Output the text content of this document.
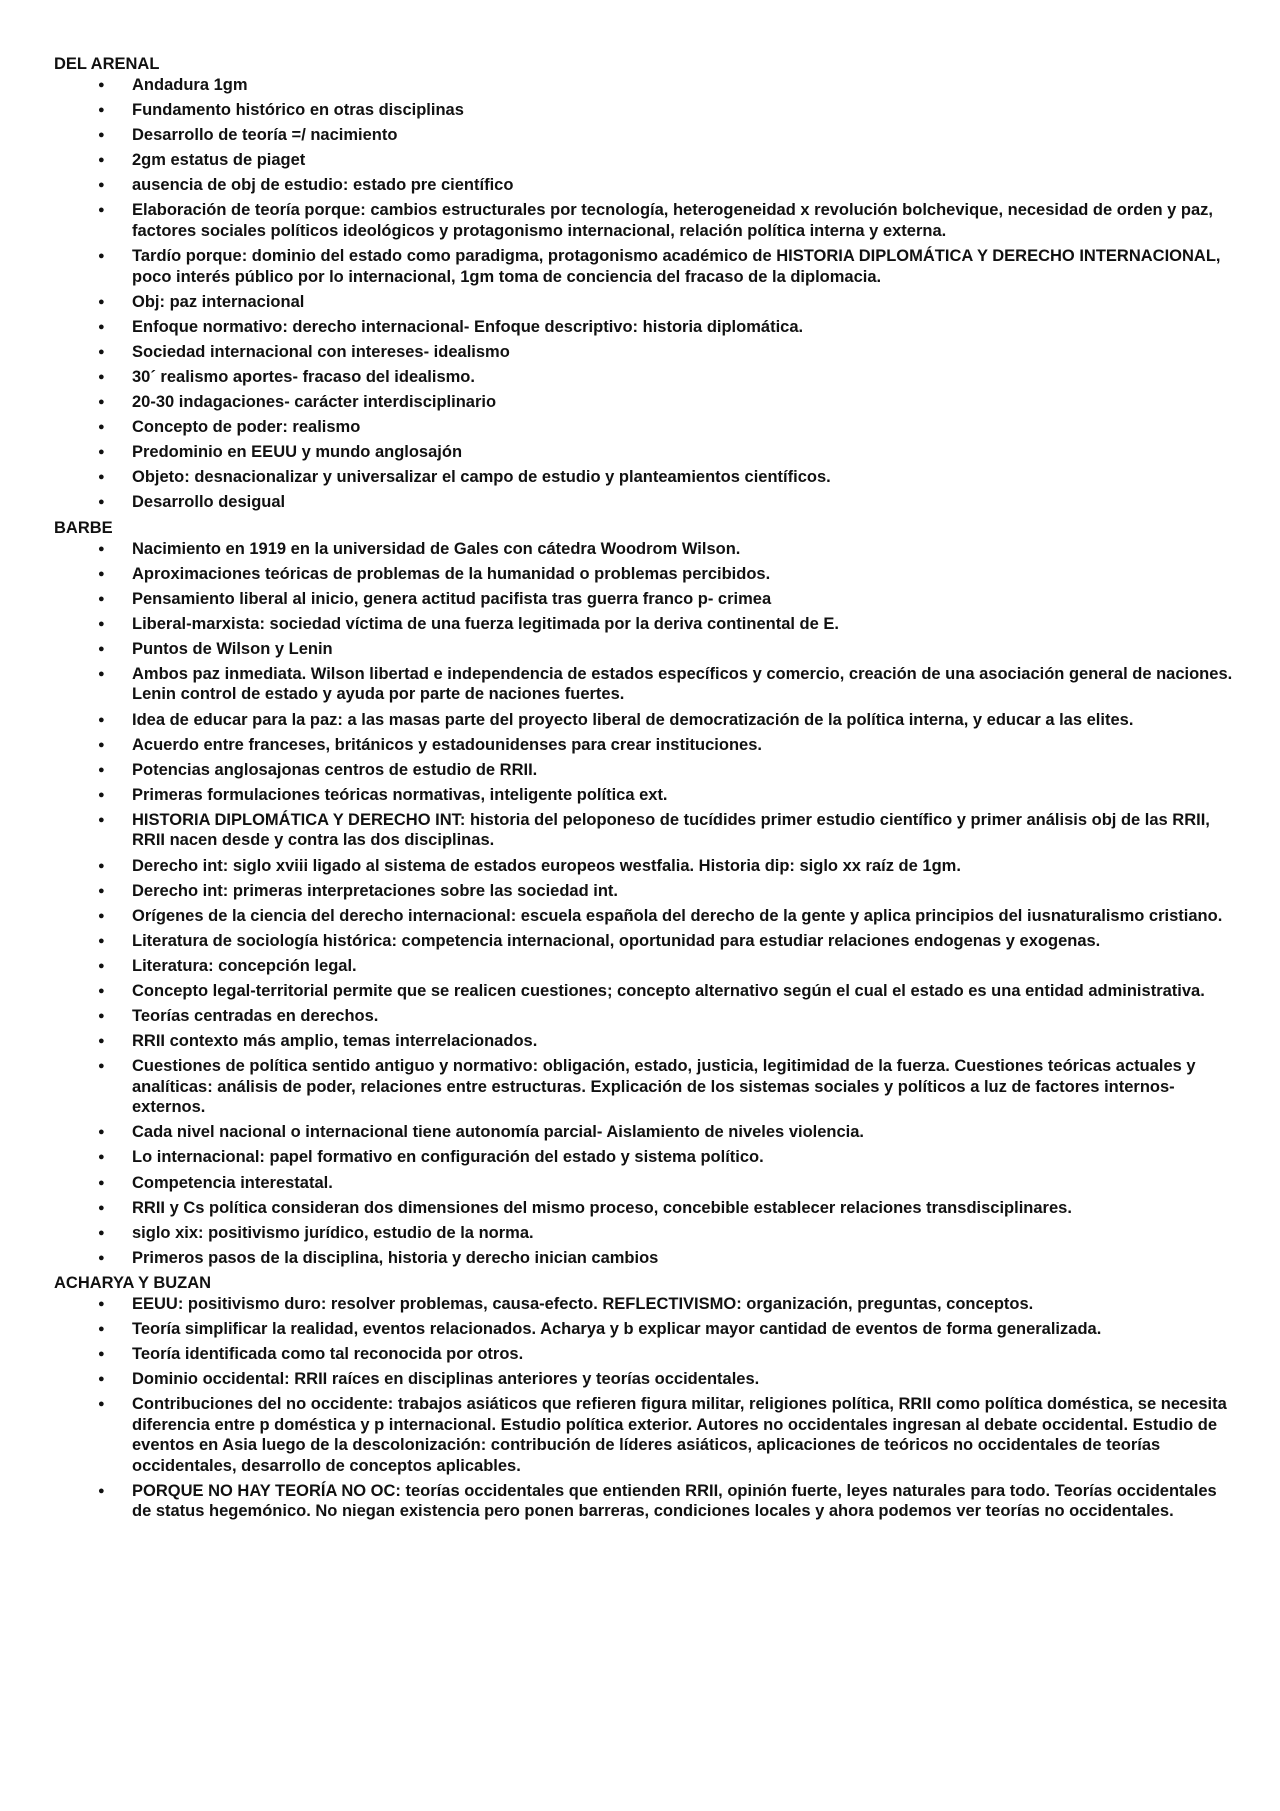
DEL ARENAL
● Andadura 1gm
● Fundamento histórico en otras disciplinas
● Desarrollo de teoría =/ nacimiento
● 2gm estatus de piaget
● ausencia de obj de estudio: estado pre científico
● Elaboración de teoría porque: cambios estructurales por tecnología, heterogeneidad x revolución bolchevique, necesidad de orden y paz, factores sociales políticos ideológicos y protagonismo internacional, relación política interna y externa.
● Tardío porque: dominio del estado como paradigma, protagonismo académico de HISTORIA DIPLOMÁTICA Y DERECHO INTERNACIONAL, poco interés público por lo internacional, 1gm toma de conciencia del fracaso de la diplomacia.
● Obj: paz internacional
● Enfoque normativo: derecho internacional- Enfoque descriptivo: historia diplomática.
● Sociedad internacional con intereses- idealismo
● 30´ realismo aportes- fracaso del idealismo.
● 20-30 indagaciones- carácter interdisciplinario
● Concepto de poder: realismo
● Predominio en EEUU y mundo anglosajón
● Objeto: desnacionalizar y universalizar el campo de estudio y planteamientos científicos.
● Desarrollo desigual
BARBE
● Nacimiento en 1919 en la universidad de Gales con cátedra Woodrom Wilson.
● Aproximaciones teóricas de problemas de la humanidad o problemas percibidos.
● Pensamiento liberal al inicio, genera actitud pacifista tras guerra franco p- crimea
● Liberal-marxista: sociedad víctima de una fuerza legitimada por la deriva continental de E.
● Puntos de Wilson y Lenin
● Ambos paz inmediata. Wilson libertad e independencia de estados específicos y comercio, creación de una asociación general de naciones. Lenin control de estado y ayuda por parte de naciones fuertes.
● Idea de educar para la paz: a las masas parte del proyecto liberal de democratización de la política interna, y educar a las elites.
● Acuerdo entre franceses, británicos y estadounidenses para crear instituciones.
● Potencias anglosajonas centros de estudio de RRII.
● Primeras formulaciones teóricas normativas, inteligente política ext.
● HISTORIA DIPLOMÁTICA Y DERECHO INT: historia del peloponeso de tucídides primer estudio científico y primer análisis obj de las RRII, RRII nacen desde y contra las dos disciplinas.
● Derecho int: siglo xviii ligado al sistema de estados europeos westfalia. Historia dip: siglo xx raíz de 1gm.
● Derecho int: primeras interpretaciones sobre las sociedad int.
● Orígenes de la ciencia del derecho internacional: escuela española del derecho de la gente y aplica principios del iusnaturalismo cristiano.
● Literatura de sociología histórica: competencia internacional, oportunidad para estudiar relaciones endogenas y exogenas.
● Literatura: concepción legal.
● Concepto legal-territorial permite que se realicen cuestiones; concepto alternativo según el cual el estado es una entidad administrativa.
● Teorías centradas en derechos.
● RRII contexto más amplio, temas interrelacionados.
● Cuestiones de política sentido antiguo y normativo: obligación, estado, justicia, legitimidad de la fuerza. Cuestiones teóricas actuales y analíticas: análisis de poder, relaciones entre estructuras. Explicación de los sistemas sociales y políticos a luz de factores internos-externos.
● Cada nivel nacional o internacional tiene autonomía parcial- Aislamiento de niveles violencia.
● Lo internacional: papel formativo en configuración del estado y sistema político.
● Competencia interestatal.
● RRII y Cs política consideran dos dimensiones del mismo proceso, concebible establecer relaciones transdisciplinares.
● siglo xix: positivismo jurídico, estudio de la norma.
● Primeros pasos de la disciplina, historia y derecho inician cambios
ACHARYA Y BUZAN
● EEUU: positivismo duro: resolver problemas, causa-efecto. REFLECTIVISMO: organización, preguntas, conceptos.
● Teoría simplificar la realidad, eventos relacionados. Acharya y b explicar mayor cantidad de eventos de forma generalizada.
● Teoría identificada como tal reconocida por otros.
● Dominio occidental: RRII raíces en disciplinas anteriores y teorías occidentales.
● Contribuciones del no occidente: trabajos asiáticos que refieren figura militar, religiones política, RRII como política doméstica, se necesita diferencia entre p doméstica y p internacional. Estudio política exterior. Autores no occidentales ingresan al debate occidental. Estudio de eventos en Asia luego de la descolonización: contribución de líderes asiáticos, aplicaciones de teóricos no occidentales de teorías occidentales, desarrollo de conceptos aplicables.
● PORQUE NO HAY TEORÍA NO OC: teorías occidentales que entienden RRII, opinión fuerte, leyes naturales para todo. Teorías occidentales de status hegemónico. No niegan existencia pero ponen barreras, condiciones locales y ahora podemos ver teorías no occidentales.
